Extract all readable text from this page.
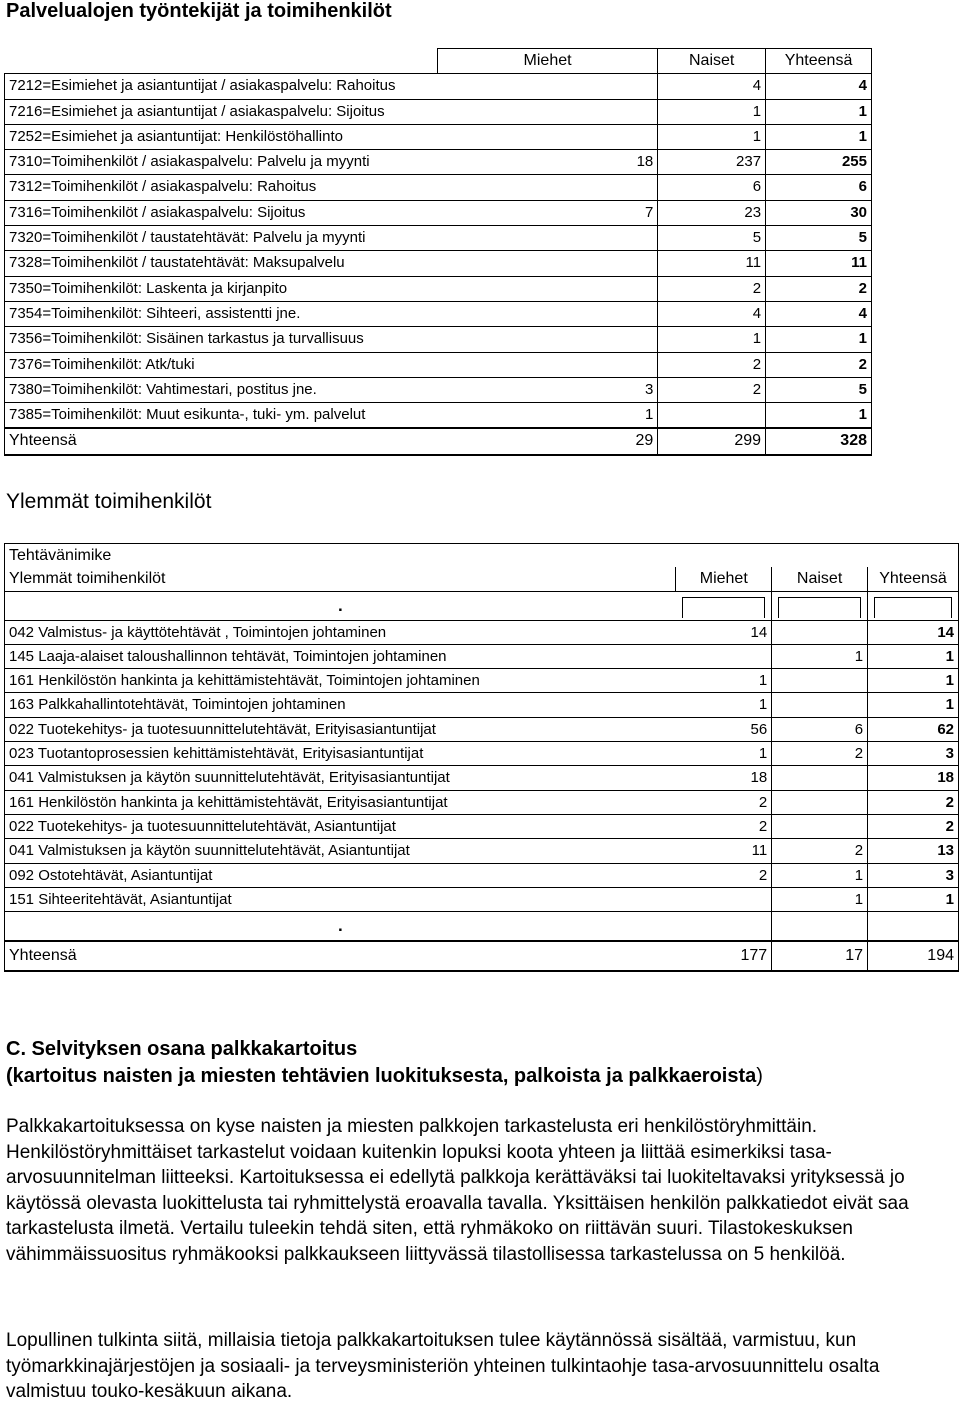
Palvelualojen työntekijät ja toimihenkilöt
	Miehet	Naiset	Yhteensä
7212=Esimiehet ja asiantuntijat / asiakaspalvelu: Rahoitus		4	4
7216=Esimiehet ja asiantuntijat / asiakaspalvelu: Sijoitus		1	1
7252=Esimiehet ja asiantuntijat: Henkilöstöhallinto		1	1
7310=Toimihenkilöt / asiakaspalvelu: Palvelu ja myynti	18	237	255
7312=Toimihenkilöt / asiakaspalvelu: Rahoitus		6	6
7316=Toimihenkilöt / asiakaspalvelu: Sijoitus	7	23	30
7320=Toimihenkilöt / taustatehtävät: Palvelu ja myynti		5	5
7328=Toimihenkilöt / taustatehtävät: Maksupalvelu		11	11
7350=Toimihenkilöt: Laskenta ja kirjanpito		2	2
7354=Toimihenkilöt: Sihteeri, assistentti jne.		4	4
7356=Toimihenkilöt: Sisäinen tarkastus ja turvallisuus		1	1
7376=Toimihenkilöt: Atk/tuki		2	2
7380=Toimihenkilöt: Vahtimestari, postitus jne.	3	2	5
7385=Toimihenkilöt: Muut esikunta-, tuki- ym. palvelut	1		1
Yhteensä	29	299	328
Ylemmät toimihenkilöt
Tehtävänimike			
Ylemmät toimihenkilöt	Miehet	Naiset	Yhteensä
.	

042 Valmistus- ja käyttötehtävät , Toimintojen johtaminen	14		14
145 Laaja-alaiset taloushallinnon tehtävät, Toimintojen johtaminen		1	1
161 Henkilöstön hankinta ja kehittämistehtävät, Toimintojen johtaminen	1		1
163 Palkkahallintotehtävät, Toimintojen johtaminen	1		1
022 Tuotekehitys- ja tuotesuunnittelutehtävät, Erityisasiantuntijat	56	6	62
023 Tuotantoprosessien kehittämistehtävät, Erityisasiantuntijat	1	2	3
041 Valmistuksen ja käytön suunnittelutehtävät, Erityisasiantuntijat	18		18
161 Henkilöstön hankinta ja kehittämistehtävät, Erityisasiantuntijat	2		2
022 Tuotekehitys- ja tuotesuunnittelutehtävät, Asiantuntijat	2		2
041 Valmistuksen ja käytön suunnittelutehtävät, Asiantuntijat	11	2	13
092 Ostotehtävät, Asiantuntijat	2	1	3
151 Sihteeritehtävät, Asiantuntijat		1	1
.			
Yhteensä	177	17	194
C. Selvityksen osana palkkakartoitus
(kartoitus naisten ja miesten tehtävien luokituksesta, palkoista ja palkkaeroista)

Palkkakartoituksessa on kyse naisten ja miesten palkkojen tarkastelusta eri henkilöstöryhmittäin. Henkilöstöryhmittäiset tarkastelut voidaan kuitenkin lopuksi koota yhteen ja liittää esimerkiksi tasa-arvosuunnitelman liitteeksi. Kartoituksessa ei edellytä palkkoja kerättäväksi tai luokiteltavaksi yrityksessä jo käytössä olevasta luokittelusta tai ryhmittelystä eroavalla tavalla. Yksittäisen henkilön palkkatiedot eivät saa tarkastelusta ilmetä. Vertailu tuleekin tehdä siten, että ryhmäkoko on riittävän suuri. Tilastokeskuksen vähimmäissuositus ryhmäkooksi palkkaukseen liittyvässä tilastollisessa tarkastelussa on 5 henkilöä.

Lopullinen tulkinta siitä, millaisia tietoja palkkakartoituksen tulee käytännössä sisältää, varmistuu, kun työmarkkinajärjestöjen ja sosiaali- ja terveysministeriön yhteinen tulkintaohje tasa-arvosuunnittelu osalta valmistuu touko-kesäkuun aikana.
